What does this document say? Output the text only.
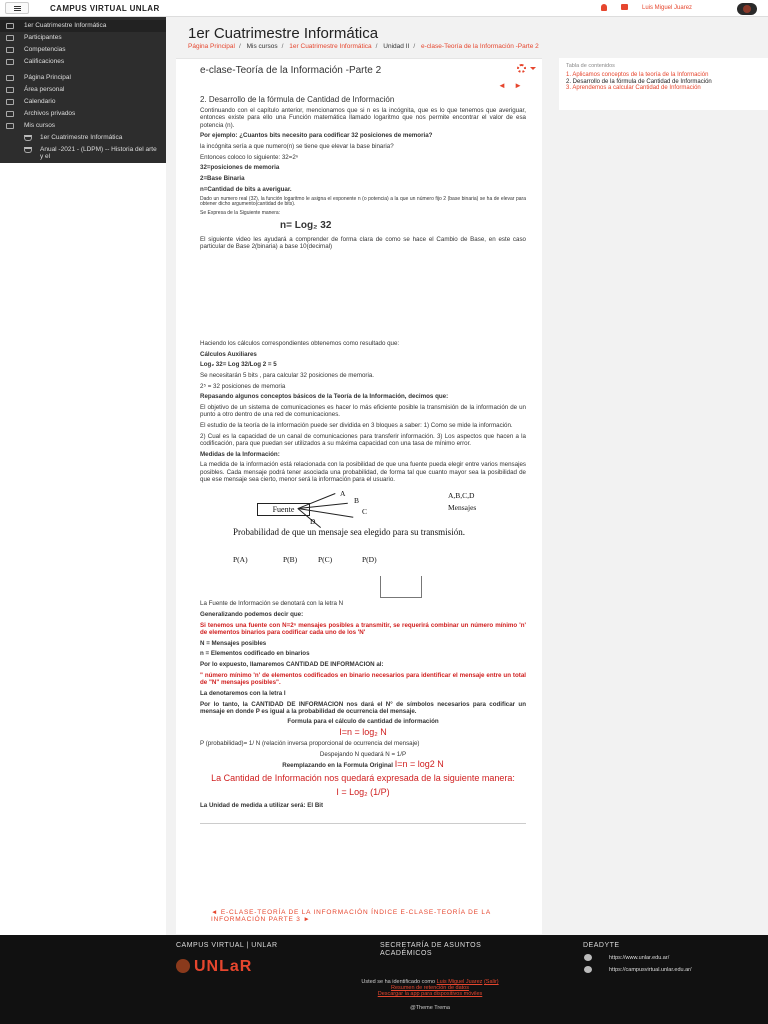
CAMPUS VIRTUAL UNLAR	Luis Miguel Juarez
1er Cuatrimestre Informática
Participantes
Competencias
Calificaciones
Página Principal
Área personal
Calendario
Archivos privados
Mis cursos
1er Cuatrimestre Informática
Anual -2021 - (LDPM) -- Historia del arte y el
1er Cuatrimestre Informática
Página Principal / Mis cursos / 1er Cuatrimestre Informática / Unidad II / e-clase-Teoría de la Información -Parte 2
Tabla de contenidos
1. Aplicamos conceptos de la teoría de la Información
2. Desarrollo de la fórmula de Cantidad de Información
3. Aprendemos a calcular Cantidad de Información
e-clase-Teoría de la Información -Parte 2
◄ ►
2. Desarrollo de la fórmula de Cantidad de Información

Continuando con el capítulo anterior, mencionamos que si n es la incógnita, que es lo que tenemos que averiguar, entonces existe para ello una Función matemática llamado logaritmo que nos permite encontrar el valor de esa potencia (n).

Por ejemplo: ¿Cuantos bits necesito para codificar 32 posiciones de memoria?

la incógnita sería a que numero(n) se tiene que elevar la base binaria?

Entonces coloco lo siguiente: 32=2ⁿ

32=posiciones de memoria

2=Base Binaria

n=Cantidad de bits a averiguar.

Dado un numero real (32), la función logaritmo le asigna el exponente n (o potencia) a la que un número fijo 2 (base binaria) se ha de elevar para obtener dicho argumento(cantidad de bits).

Se Expresa de la Siguiente manera:

n= Log₂ 32

El siguiente video les ayudará a comprender de forma clara de como se hace el Cambio de Base, en este caso particular de Base 2(binaria) a base 10(decimal)

Haciendo los cálculos correspondientes obtenemos como resultado que:

Cálculos Auxiliares

Log₂ 32= Log 32/Log 2 = 5

Se necesitarán 5 bits , para calcular 32 posiciones de memoria.

2⁵ = 32 posiciones de memoria

Repasando algunos conceptos básicos de la Teoría de la Información, decimos que:

El objetivo de un sistema de comunicaciones es hacer lo más eficiente posible la transmisión de la información de un punto a otro dentro de una red de comunicaciones.

El estudio de la teoría de la información puede ser dividida en 3 bloques a saber: 1) Como se mide la información.

2) Cual es la capacidad de un canal de comunicaciones para transferir información. 3) Los aspectos que hacen a la codificación, para que puedan ser utilizados a su máxima capacidad con una tasa de mínimo error.

Medidas de la Información:

La medida de la información está relacionada con la posibilidad de que una fuente pueda elegir entre varios mensajes posibles. Cada mensaje podrá tener asociada una probabilidad, de forma tal que cuanto mayor sea la posibilidad de que ese mensaje sea cierto, menor será la información para el usuario.

Fuente
A
B
C
D
A,B,C,D
Mensajes
Probabilidad de que un mensaje sea elegido para su transmisión.
P(A)	P(B)	P(C)	P(D)

La Fuente de Información se denotará con la letra N

Generalizando podemos decir que:

Si tenemos una fuente con N=2ⁿ mensajes posibles a transmitir, se requerirá combinar un número mínimo 'n' de elementos binarios para codificar cada uno de los 'N'

N = Mensajes posibles

n = Elementos codificado en binarios

Por lo expuesto, llamaremos CANTIDAD DE INFORMACION al:

" número mínimo 'n' de elementos codificados en binario necesarios para identificar el mensaje entre un total de "N" mensajes posibles".

La denotaremos con la letra I

Por lo tanto, la CANTIDAD DE INFORMACION nos dará el N° de símbolos necesarios para codificar un mensaje en donde P es igual a la probabilidad de ocurrencia del mensaje.

Formula para el cálculo de cantidad de información

I=n = log₂ N

P (probabilidad)= 1/ N (relación inversa proporcional de ocurrencia del mensaje)

Despejando N quedará N = 1/P

Reemplazando en la Formula Original I=n = log2 N

La Cantidad de Información nos quedará expresada de la siguiente manera:
I = Log₂ (1/P)

La Unidad de medida a utilizar será: El Bit

◄ E-CLASE-TEORÍA DE LA INFORMACIÓN ÍNDICE E-CLASE-TEORÍA DE LA INFORMACIÓN PARTE 3 ►
CAMPUS VIRTUAL | UNLAR
UNLaR
SECRETARÍA DE ASUNTOS ACADÉMICOS
DEADYTE
https://www.unlar.edu.ar/
https://campusvirtual.unlar.edu.ar/
Usted se ha identificado como Luis Miguel Juarez (Salir)
Resumen de retención de datos
Descargar la app para dispositivos móviles
@Theme Trema
